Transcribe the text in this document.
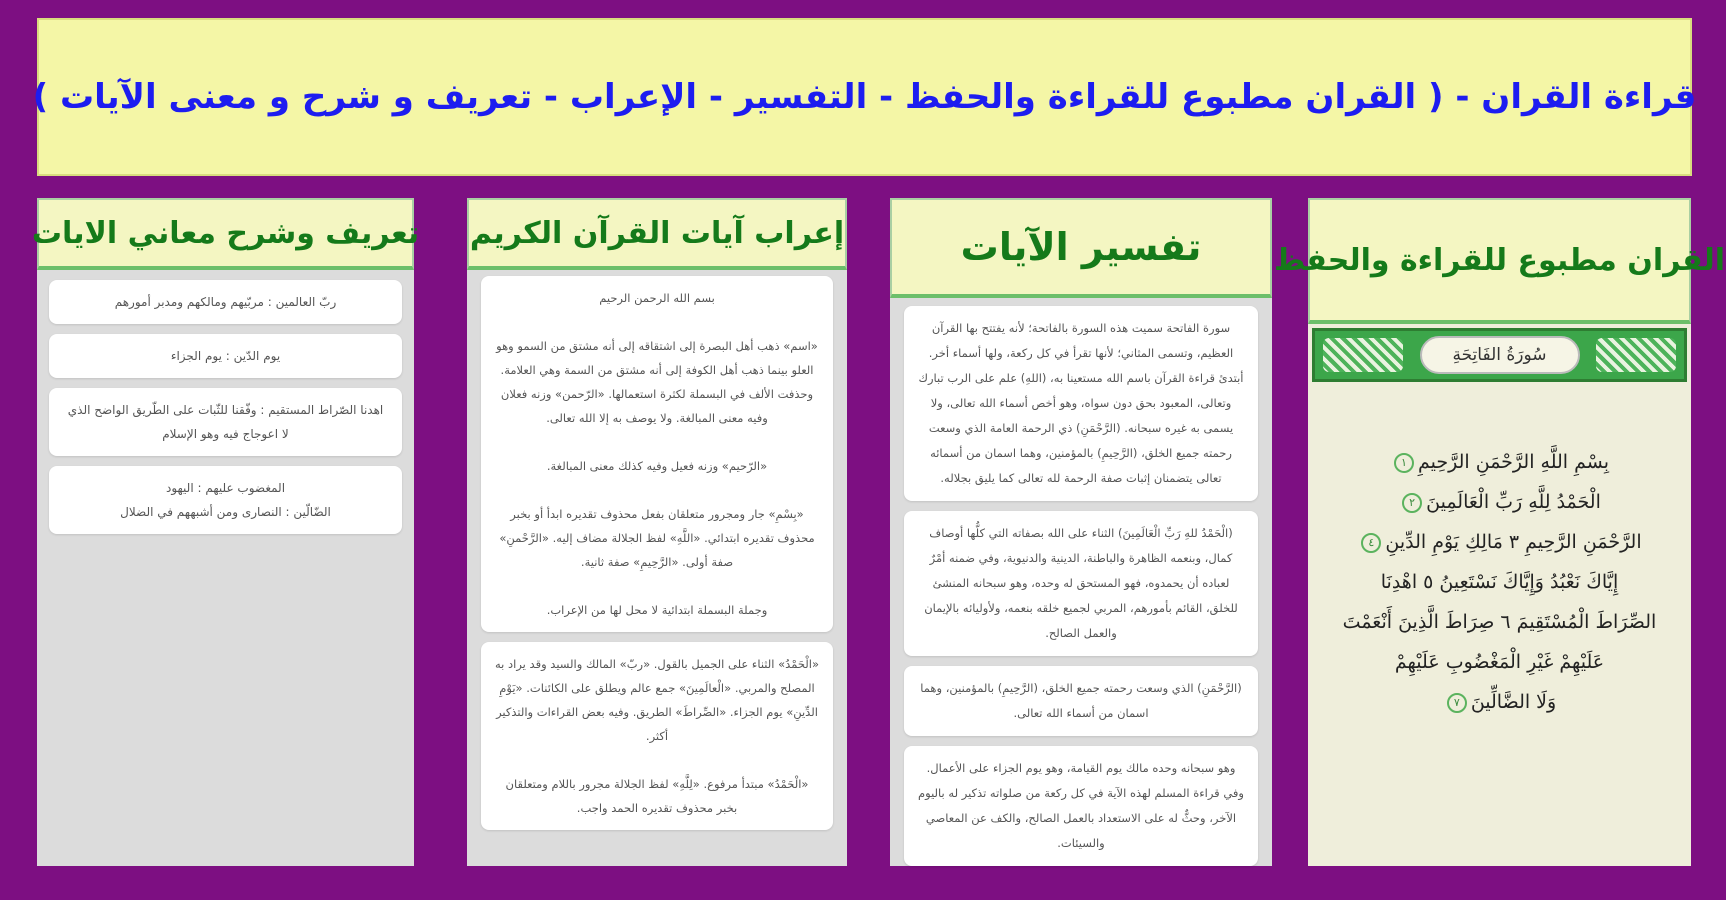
قراءة القران - ( القران مطبوع للقراءة والحفظ - التفسير - الإعراب - تعريف و شرح و معنى الآيات )
تعريف وشرح معاني الايات
ربّ العالمين : مربّيهم ومالكهم ومدبر أمورهم
يوم الدّين : يوم الجزاء
اهدنا الصّراط المستقيم : وفّقنا للثّبات على الطّريق الواضح الذي لا اعوجاج فيه وهو الإسلام
المغضوب عليهم : اليهود
الضّالّين : النصارى ومن أشبههم في الضلال
إعراب آيات القرآن الكريم
بسم الله الرحمن الرحيم

«اسم» ذهب أهل البصرة إلى اشتقاقه إلى أنه مشتق من السمو وهو العلو بينما ذهب أهل الكوفة إلى أنه مشتق من السمة وهي العلامة. وحذفت الألف في البسملة لكثرة استعمالها. «الرّحمن» وزنه فعلان وفيه معنى المبالغة. ولا يوصف به إلا الله تعالى.

«الرّحيم» وزنه فعيل وفيه كذلك معنى المبالغة.

«بِسْمِ» جار ومجرور متعلقان بفعل محذوف تقديره ابدأ أو بخبر محذوف تقديره ابتدائي. «اللَّهِ» لفظ الجلالة مضاف إليه. «الرَّحْمنِ» صفة أولى. «الرَّحِيمِ» صفة ثانية.

وجملة البسملة ابتدائية لا محل لها من الإعراب.
«الْحَمْدُ» الثناء على الجميل بالقول. «ربّ» المالك والسيد وقد يراد به المصلح والمربي. «الْعالَمِينَ» جمع عالم ويطلق على الكائنات. «يَوْمِ الدِّينِ» يوم الجزاء. «الصِّراطَ» الطريق. وفيه بعض القراءات والتذكير أكثر.

«الْحَمْدُ» مبتدأ مرفوع. «لِلَّهِ» لفظ الجلالة مجرور باللام ومتعلقان بخبر محذوف تقديره الحمد واجب.
تفسير الآيات
سورة الفاتحة سميت هذه السورة بالفاتحة؛ لأنه يفتتح بها القرآن العظيم، وتسمى المثاني؛ لأنها تقرأ في كل ركعة، ولها أسماء أخر. أبتدئ قراءة القرآن باسم الله مستعينا به، (اللهِ) علم على الرب تبارك وتعالى، المعبود بحق دون سواه، وهو أخص أسماء الله تعالى، ولا يسمى به غيره سبحانه. (الرَّحْمَنِ) ذي الرحمة العامة الذي وسعت رحمته جميع الخلق، (الرَّحِيمِ) بالمؤمنين، وهما اسمان من أسمائه تعالى يتضمنان إثبات صفة الرحمة لله تعالى كما يليق بجلاله.
(الْحَمْدُ للهِ رَبِّ الْعَالَمِينَ) الثناء على الله بصفاته التي كلُّها أوصاف كمال، وبنعمه الظاهرة والباطنة، الدينية والدنيوية، وفي ضمنه أمْرٌ لعباده أن يحمدوه، فهو المستحق له وحده، وهو سبحانه المنشئ للخلق، القائم بأمورهم، المربي لجميع خلقه بنعمه، ولأوليائه بالإيمان والعمل الصالح.
(الرَّحْمَنِ) الذي وسعت رحمته جميع الخلق، (الرَّحِيمِ) بالمؤمنين، وهما اسمان من أسماء الله تعالى.
وهو سبحانه وحده مالك يوم القيامة، وهو يوم الجزاء على الأعمال. وفي قراءة المسلم لهذه الآية في كل ركعة من صلواته تذكير له باليوم الآخر، وحثٌّ له على الاستعداد بالعمل الصالح، والكف عن المعاصي والسيئات.
القران مطبوع للقراءة والحفظ
سُورَةُ الفَاتِحَةِ
بِسْمِ اللَّهِ الرَّحْمَنِ الرَّحِيمِ١
الْحَمْدُ لِلَّهِ رَبِّ الْعَالَمِينَ٢
الرَّحْمَنِ الرَّحِيمِ ٣ مَالِكِ يَوْمِ الدِّينِ٤
إِيَّاكَ نَعْبُدُ وَإِيَّاكَ نَسْتَعِينُ ٥ اهْدِنَا
الصِّرَاطَ الْمُسْتَقِيمَ ٦ صِرَاطَ الَّذِينَ أَنْعَمْتَ
عَلَيْهِمْ غَيْرِ الْمَغْضُوبِ عَلَيْهِمْ
وَلَا الضَّالِّينَ٧
